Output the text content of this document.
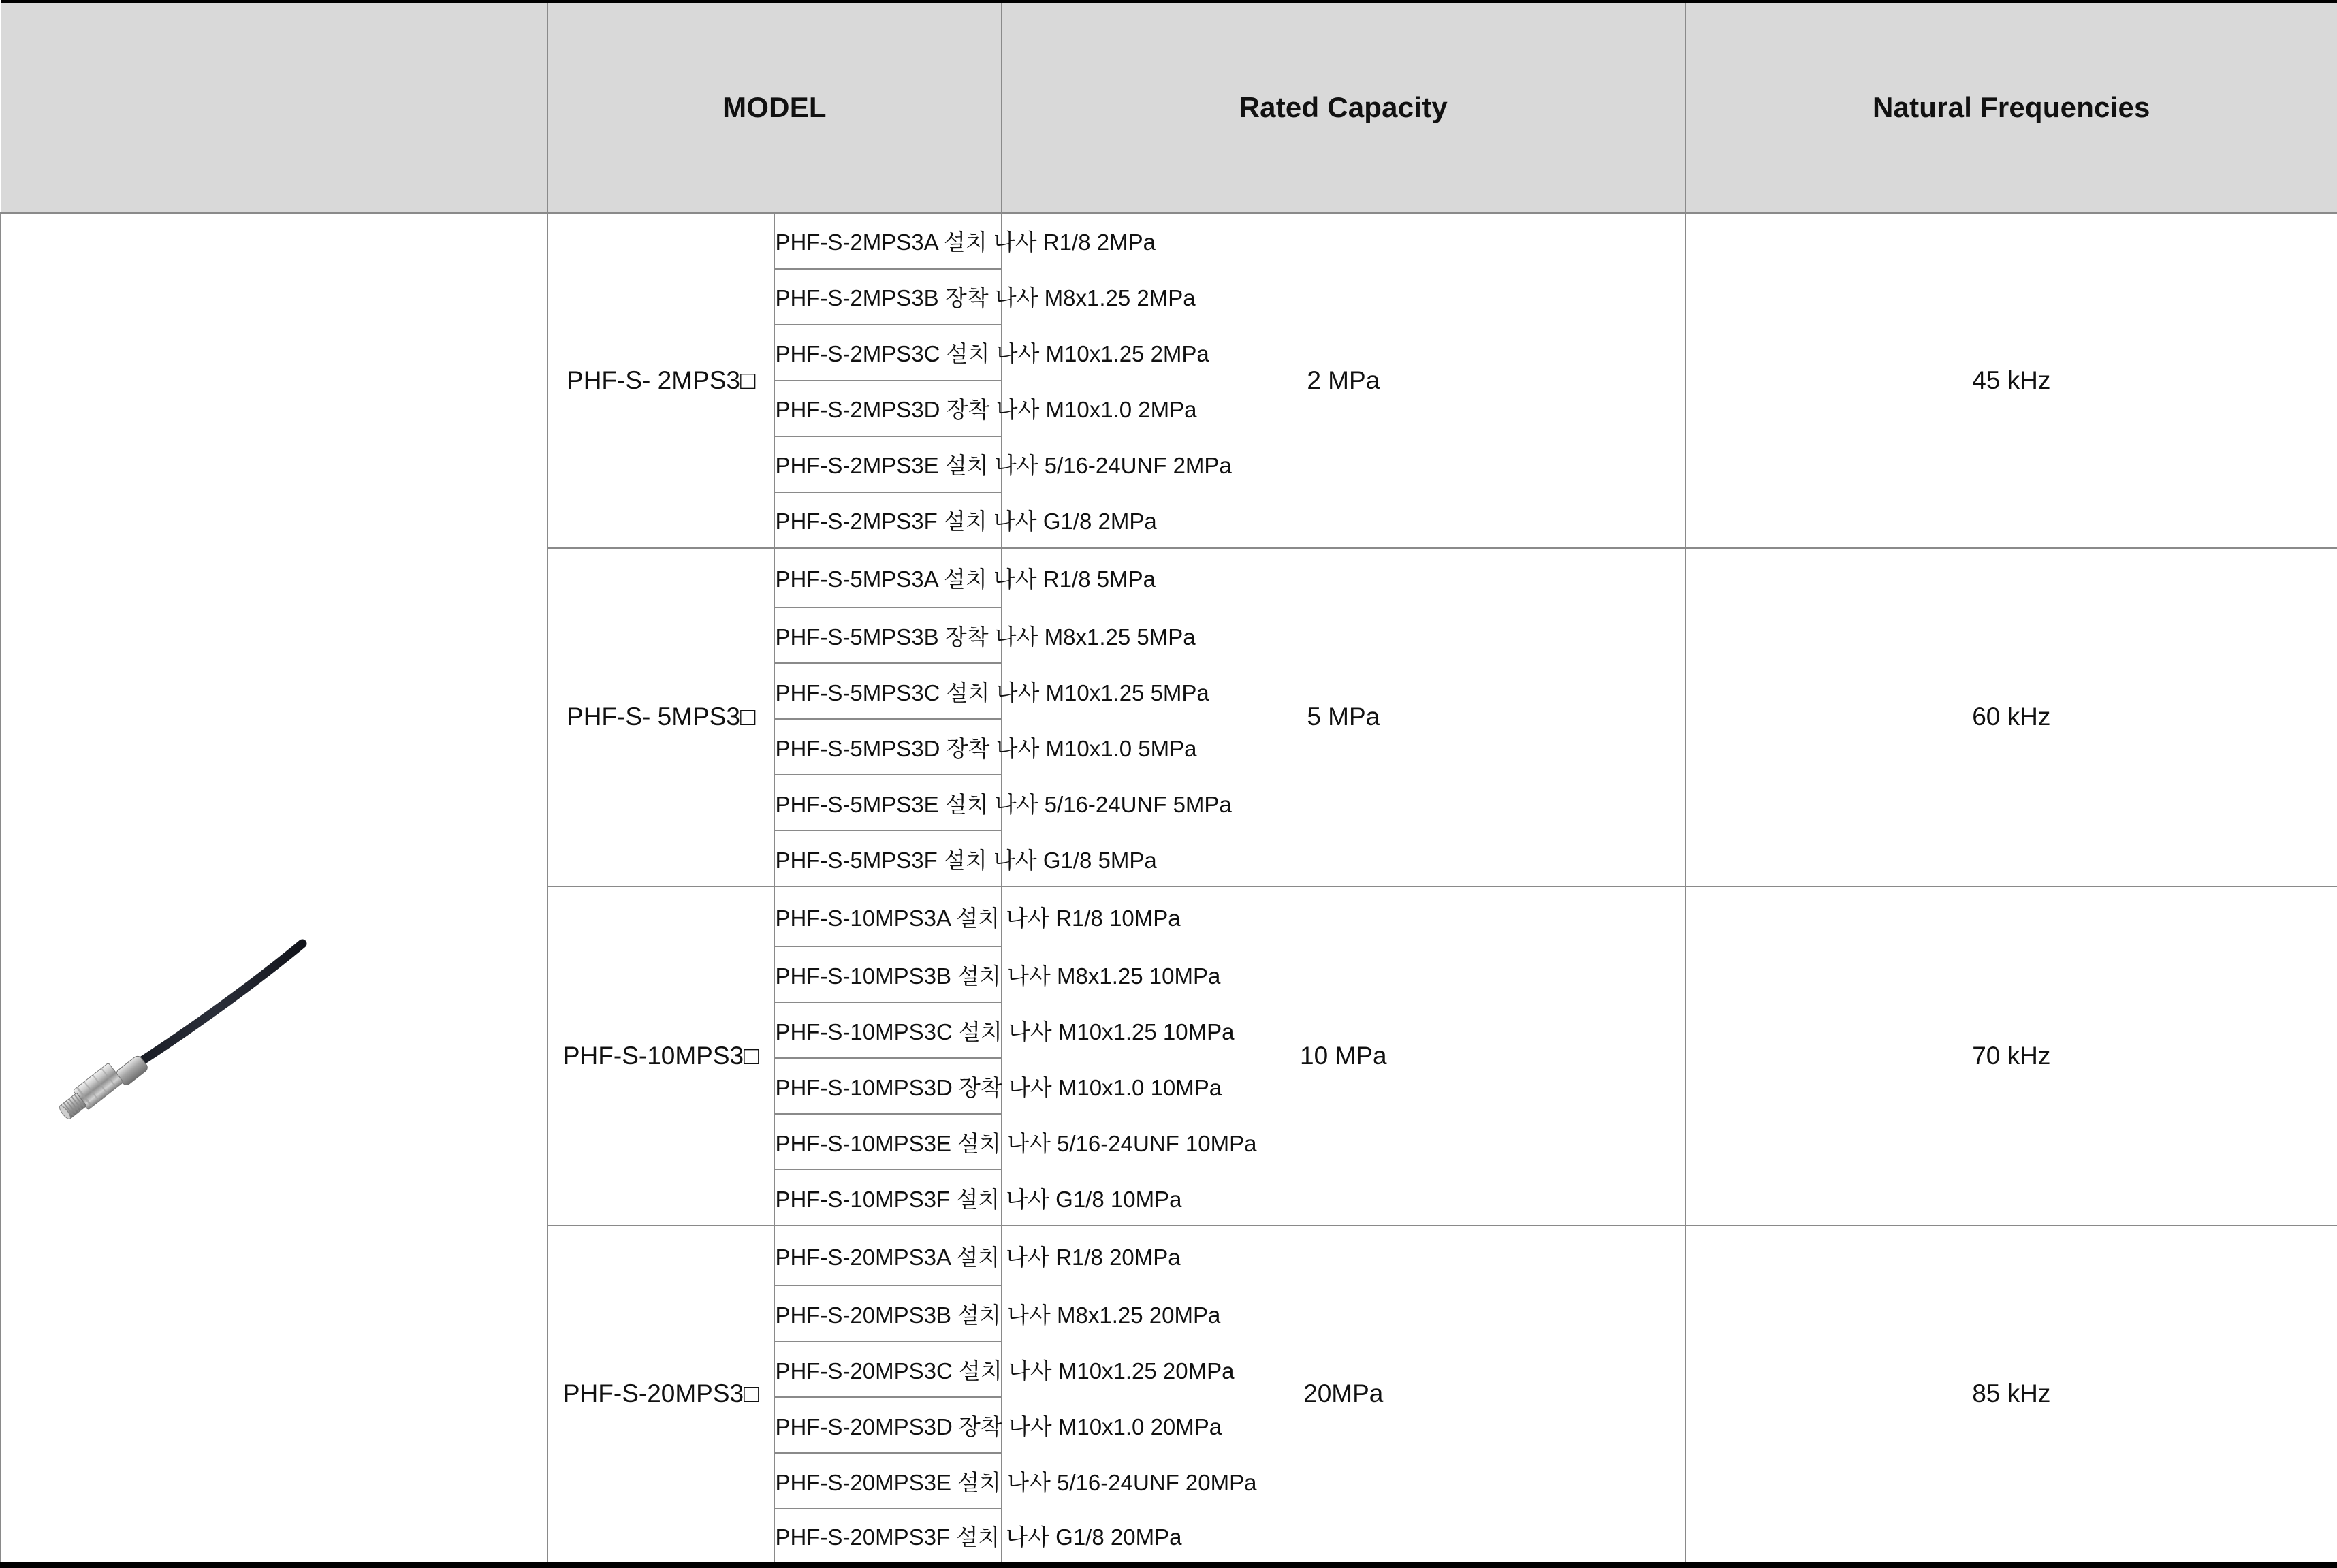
	MODEL		Rated Capacity	Natural Frequencies

	PHF-S- 2MPS3□	PHF-S-2MPS3A 설치 나사 R1/8 2MPa	2 MPa	45 kHz
		PHF-S-2MPS3B 장착 나사 M8x1.25 2MPa		
		PHF-S-2MPS3C 설치 나사 M10x1.25 2MPa		
		PHF-S-2MPS3D 장착 나사 M10x1.0 2MPa		
		PHF-S-2MPS3E 설치 나사 5/16-24UNF 2MPa		
		PHF-S-2MPS3F 설치 나사 G1/8 2MPa		
	PHF-S- 5MPS3□	PHF-S-5MPS3A 설치 나사 R1/8 5MPa	5 MPa	60 kHz
		PHF-S-5MPS3B 장착 나사 M8x1.25 5MPa		
		PHF-S-5MPS3C 설치 나사 M10x1.25 5MPa		
		PHF-S-5MPS3D 장착 나사 M10x1.0 5MPa		
		PHF-S-5MPS3E 설치 나사 5/16-24UNF 5MPa		
		PHF-S-5MPS3F 설치 나사 G1/8 5MPa		
	PHF-S-10MPS3□	PHF-S-10MPS3A 설치 나사 R1/8 10MPa	10 MPa	70 kHz
		PHF-S-10MPS3B 설치 나사 M8x1.25 10MPa		
		PHF-S-10MPS3C 설치 나사 M10x1.25 10MPa		
		PHF-S-10MPS3D 장착 나사 M10x1.0 10MPa		
		PHF-S-10MPS3E 설치 나사 5/16-24UNF 10MPa		
		PHF-S-10MPS3F 설치 나사 G1/8 10MPa		
	PHF-S-20MPS3□	PHF-S-20MPS3A 설치 나사 R1/8 20MPa	20MPa	85 kHz
		PHF-S-20MPS3B 설치 나사 M8x1.25 20MPa		
		PHF-S-20MPS3C 설치 나사 M10x1.25 20MPa		
		PHF-S-20MPS3D 장착 나사 M10x1.0 20MPa		
		PHF-S-20MPS3E 설치 나사 5/16-24UNF 20MPa		
		PHF-S-20MPS3F 설치 나사 G1/8 20MPa		
